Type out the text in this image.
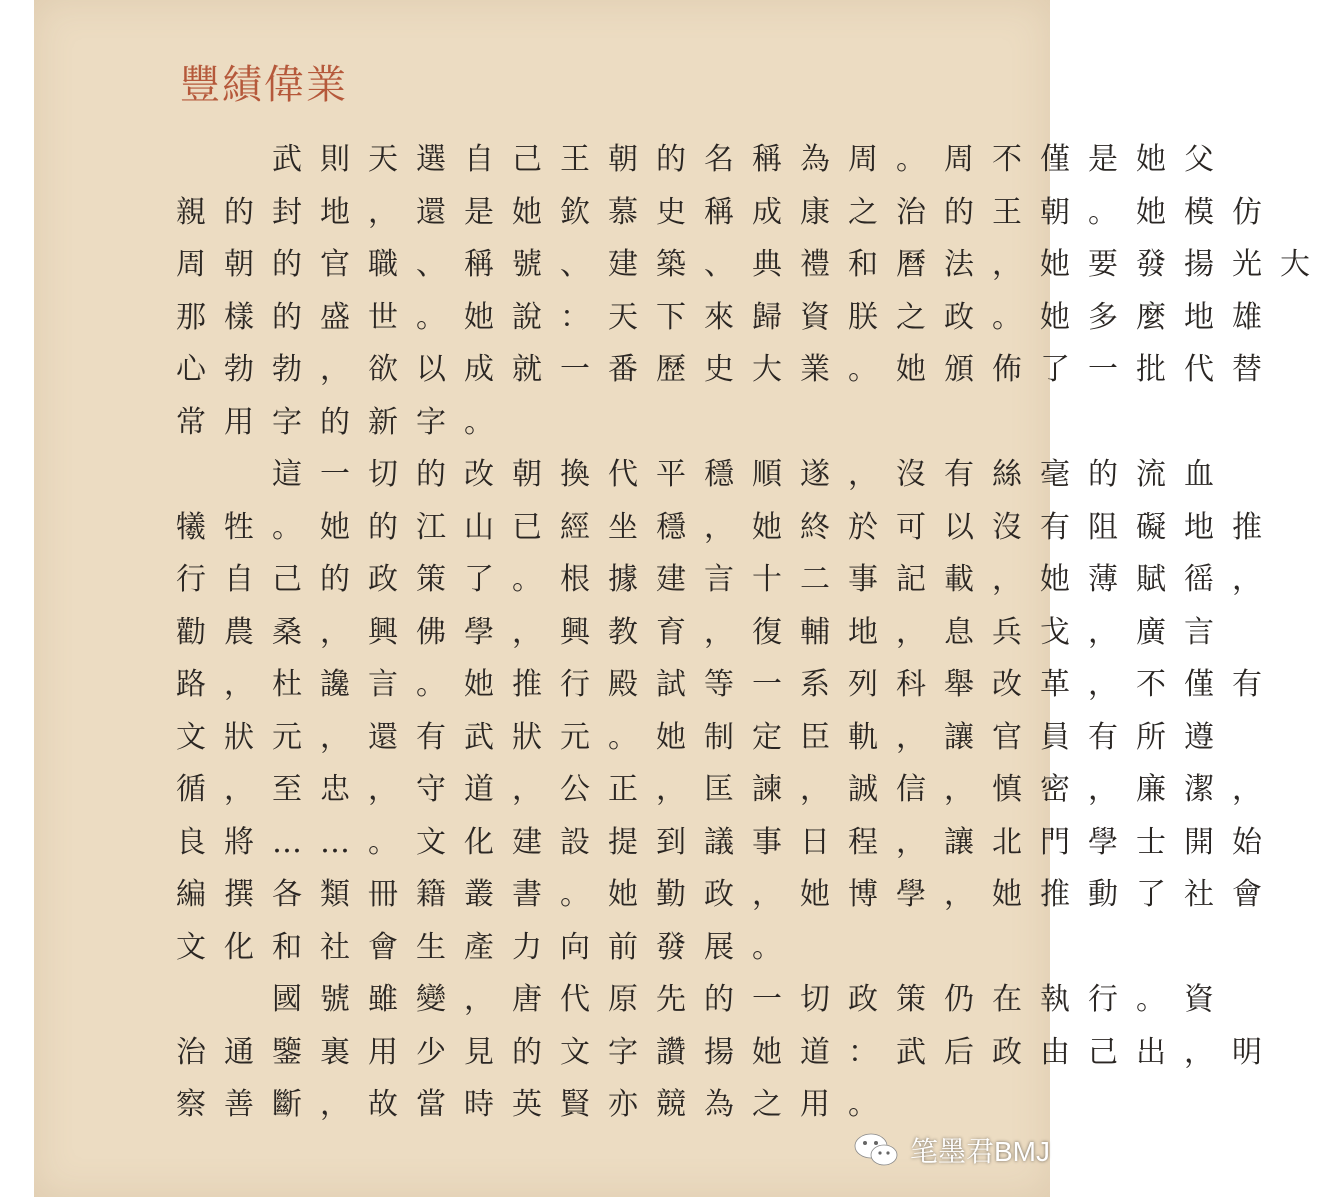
豐績偉業
　　武則天選自己王朝的名稱為周。周不僅是她父
親的封地，還是她欽慕史稱成康之治的王朝。她模仿
周朝的官職、稱號、建築、典禮和曆法，她要發揚光大
那樣的盛世。她說：天下來歸資朕之政。她多麼地雄
心勃勃，欲以成就一番歷史大業。她頒佈了一批代替
常用字的新字。
　　這一切的改朝換代平穩順遂，沒有絲毫的流血
犧牲。她的江山已經坐穩，她終於可以沒有阻礙地推
行自己的政策了。根據建言十二事記載，她薄賦徭，
勸農桑，興佛學，興教育，復輔地，息兵戈，廣言
路，杜讒言。她推行殿試等一系列科舉改革，不僅有
文狀元，還有武狀元。她制定臣軌，讓官員有所遵
循，至忠，守道，公正，匡諫，誠信，慎密，廉潔，
良將……。文化建設提到議事日程，讓北門學士開始
編撰各類冊籍叢書。她勤政，她博學，她推動了社會
文化和社會生產力向前發展。
　　國號雖變，唐代原先的一切政策仍在執行。資
治通鑒裏用少見的文字讚揚她道：武后政由己出，明
察善斷，故當時英賢亦競為之用。
笔墨君BMJ
